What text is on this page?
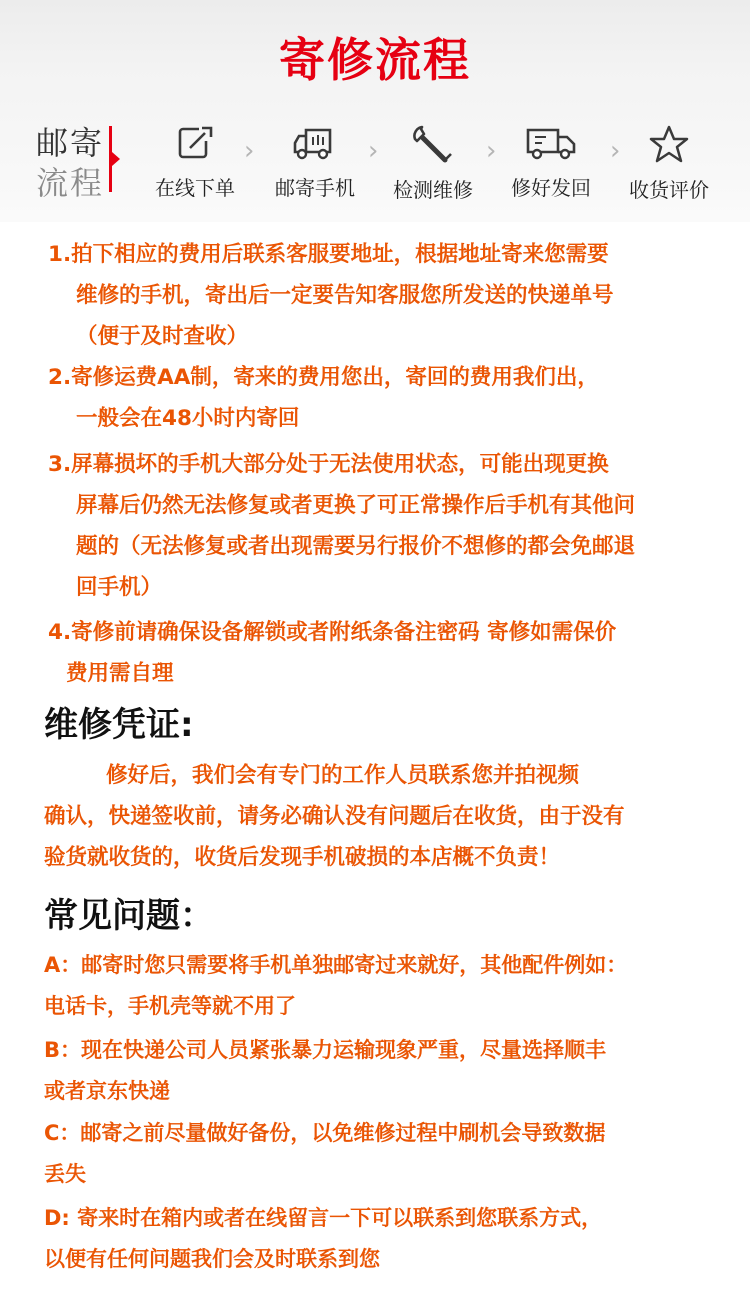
寄修流程
邮寄
流程	在线下单
›
邮寄手机
›
检测维修
›
修好发回
›
收货评价
1.拍下相应的费用后联系客服要地址，根据地址寄来您需要
维修的手机，寄出后一定要告知客服您所发送的快递单号
（便于及时查收）
2.寄修运费AA制，寄来的费用您出，寄回的费用我们出，
一般会在48小时内寄回
3.屏幕损坏的手机大部分处于无法使用状态，可能出现更换
屏幕后仍然无法修复或者更换了可正常操作后手机有其他问
题的（无法修复或者出现需要另行报价不想修的都会免邮退
回手机）
4.寄修前请确保设备解锁或者附纸条备注密码 寄修如需保价
费用需自理
维修凭证:
修好后，我们会有专门的工作人员联系您并拍视频
确认，快递签收前，请务必确认没有问题后在收货，由于没有
验货就收货的，收货后发现手机破损的本店概不负责！
常见问题：
A：邮寄时您只需要将手机单独邮寄过来就好，其他配件例如：
电话卡，手机壳等就不用了
B：现在快递公司人员紧张暴力运输现象严重，尽量选择顺丰
或者京东快递
C：邮寄之前尽量做好备份，以免维修过程中刷机会导致数据
丢失
D: 寄来时在箱内或者在线留言一下可以联系到您联系方式，
以便有任何问题我们会及时联系到您
